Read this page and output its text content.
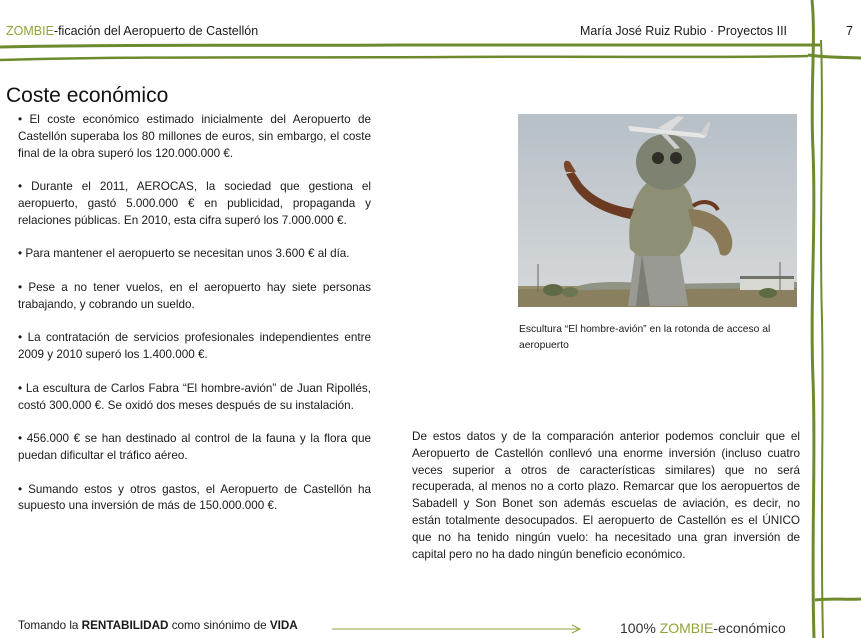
ZOMBIE-ficación del Aeropuerto de Castellón	María José Ruiz Rubio · Proyectos III	7
Coste económico

• El coste económico estimado inicialmente del Aeropuerto de Castellón superaba los 80 millones de euros, sin embargo, el coste final de la obra superó los 120.000.000 €.

• Durante el 2011, AEROCAS, la sociedad que gestiona el aeropuerto, gastó 5.000.000 € en publicidad, propaganda y relaciones públicas. En 2010, esta cifra superó los 7.000.000 €.

• Para mantener el aeropuerto se necesitan unos 3.600 € al día.

• Pese a no tener vuelos, en el aeropuerto hay siete personas trabajando, y cobrando un sueldo.

• La contratación de servicios profesionales independientes entre 2009 y 2010 superó los 1.400.000 €.

• La escultura de Carlos Fabra “El hombre-avión” de Juan Ripollés, costó 300.000 €. Se oxidó dos meses después de su instalación.

• 456.000 € se han destinado al control de la fauna y la flora que puedan dificultar el tráfico aéreo.

• Sumando estos y otros gastos, el Aeropuerto de Castellón ha supuesto una inversión de más de 150.000.000 €.

Escultura “El hombre-avión” en la rotonda de acceso al aeropuerto
De estos datos y de la comparación anterior podemos concluir que el Aeropuerto de Castellón conllevó una enorme inversión (incluso cuatro veces superior a otros de características similares) que no será recuperada, al menos no a corto plazo. Remarcar que los aeropuertos de Sabadell y Son Bonet son además escuelas de aviación, es decir, no están totalmente desocupados. El aeropuerto de Castellón es el ÚNICO que no ha tenido ningún vuelo: ha necesitado una gran inversión de capital pero no ha dado ningún beneficio económico.
Tomando la RENTABILIDAD como sinónimo de VIDA	100% ZOMBIE-económico
